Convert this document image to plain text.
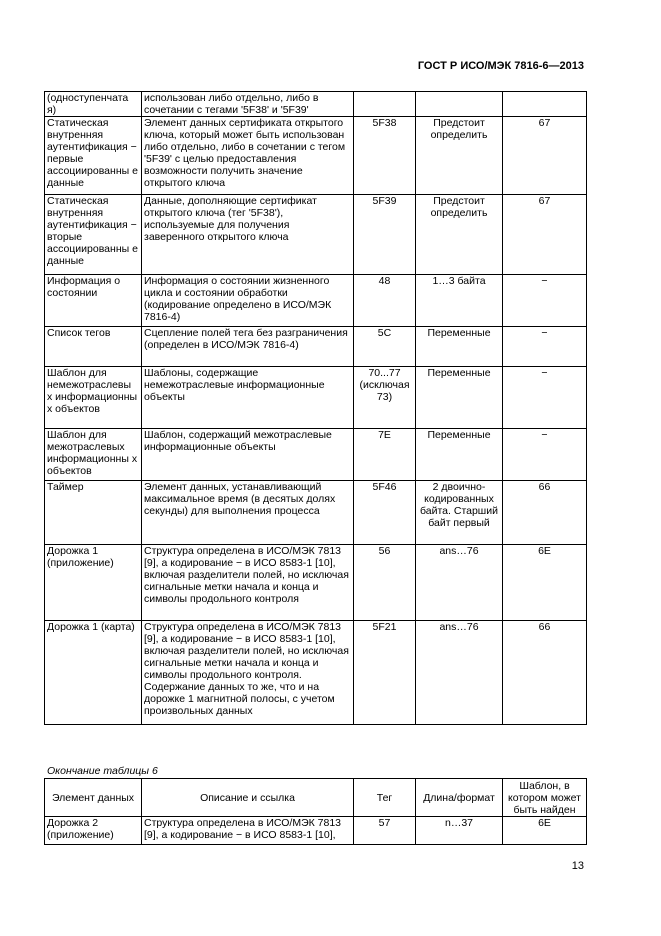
ГОСТ Р ИСО/МЭК 7816-6—2013
(одноступенчата я)	использован либо отдельно, либо в сочетании с тегами '5F38' и '5F39'			
Статическая внутренняя аутентификация − первые ассоциированны е данные	Элемент данных сертификата открытого ключа, который может быть использован либо отдельно, либо в сочетании с тегом '5F39' с целью предоставления возможности получить значение открытого ключа	5F38	Предстоит определить	67
Статическая внутренняя аутентификация − вторые ассоциированны е данные	Данные, дополняющие сертификат открытого ключа (тег '5F38'), используемые для получения заверенного открытого ключа	5F39	Предстоит определить	67
Информация о состоянии	Информация о состоянии жизненного цикла и состоянии обработки (кодирование определено в ИСО/МЭК 7816-4)	48	1…3 байта	−
Список тегов	Сцепление полей тега без разграничения (определен в ИСО/МЭК 7816-4)	5C	Переменные	−
Шаблон для немежотраслевы х информационны х объектов	Шаблоны, содержащие немежотраслевые информационные объекты	70...77 (исключая 73)	Переменные	−
Шаблон для межотраслевых информационны х объектов	Шаблон, содержащий межотраслевые информационные объекты	7E	Переменные	−
Таймер	Элемент данных, устанавливающий максимальное время (в десятых долях секунды) для выполнения процесса	5F46	2 двоично-кодированных байта. Старший байт первый	66
Дорожка 1 (приложение)	Структура определена в ИСО/МЭК 7813 [9], а кодирование − в ИСО 8583-1 [10], включая разделители полей, но исключая сигнальные метки начала и конца и символы продольного контроля	56	ans…76	6E
Дорожка 1 (карта)	Структура определена в ИСО/МЭК 7813 [9], а кодирование − в ИСО 8583-1 [10], включая разделители полей, но исключая сигнальные метки начала и конца и символы продольного контроля. Содержание данных то же, что и на дорожке 1 магнитной полосы, с учетом произвольных данных	5F21	ans…76	66
Окончание таблицы 6
Элемент данных	Описание и ссылка	Тег	Длина/формат	Шаблон, в котором может быть найден
Дорожка 2 (приложение)	Структура определена в ИСО/МЭК 7813 [9], а кодирование − в ИСО 8583-1 [10],	57	n…37	6E
13
